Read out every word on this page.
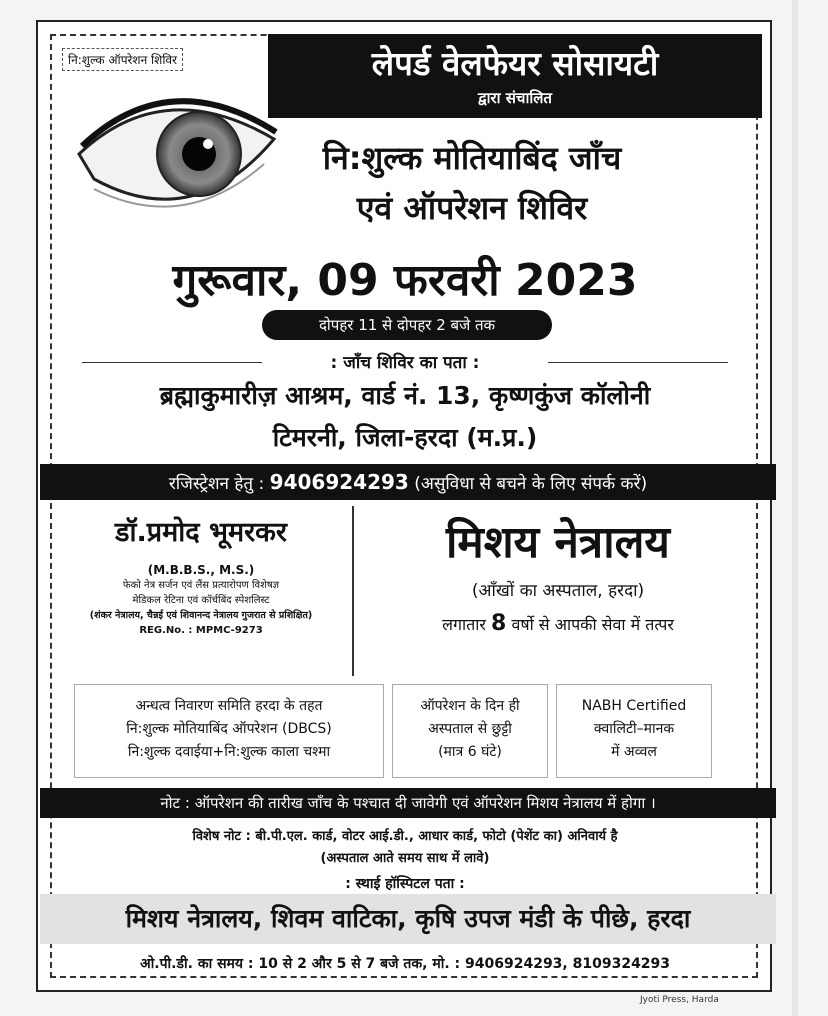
नि:शुल्क ऑपरेशन शिविर	लेपर्ड वेलफेयर सोसायटी
द्वारा संचालित
नि:शुल्क मोतियाबिंद जाँच
एवं ऑपरेशन शिविर
गुरूवार, 09 फरवरी 2023
दोपहर 11 से दोपहर 2 बजे तक
: जाँच शिविर का पता :
ब्रह्माकुमारीज़ आश्रम, वार्ड नं. 13, कृष्णकुंज कॉलोनी
टिमरनी, जिला-हरदा (म.प्र.)
रजिस्ट्रेशन हेतु : 9406924293 (असुविधा से बचने के लिए संपर्क करें)
डॉ.प्रमोद भूमरकर
(M.B.B.S., M.S.)
फेको नेत्र सर्जन एवं लैंस प्रत्यारोपण विशेषज्ञ
मेडिकल रेटिना एवं कॉर्चबिंद स्पेशलिस्ट
(शंकर नेत्रालय, चैन्नई एवं शिवानन्द नेत्रालय गुजरात से प्रशिक्षित)
REG.No. : MPMC-9273
मिशय नेत्रालय
(आँखों का अस्पताल, हरदा)
लगातार 8 वर्षो से आपकी सेवा में तत्पर
अन्धत्व निवारण समिति हरदा के तहत
नि:शुल्क मोतियाबिंद ऑपरेशन (DBCS)
नि:शुल्क दवाईया+नि:शुल्क काला चश्मा
ऑपरेशन के दिन ही
अस्पताल से छुट्टी
(मात्र 6 घंटे)
NABH Certified
क्वालिटी–मानक
में अव्वल
नोट : ऑपरेशन की तारीख जाँच के पश्चात दी जावेगी एवं ऑपरेशन मिशय नेत्रालय में होगा ।
विशेष नोट : बी.पी.एल. कार्ड, वोटर आई.डी., आधार कार्ड, फोटो (पेशेंट का) अनिवार्य है
(अस्पताल आते समय साथ में लावे)
: स्थाई हॉस्पिटल पता :
मिशय नेत्रालय, शिवम वाटिका, कृषि उपज मंडी के पीछे, हरदा
ओ.पी.डी. का समय : 10 से 2 और 5 से 7 बजे तक, मो. : 9406924293, 8109324293
Jyoti Press, Harda
